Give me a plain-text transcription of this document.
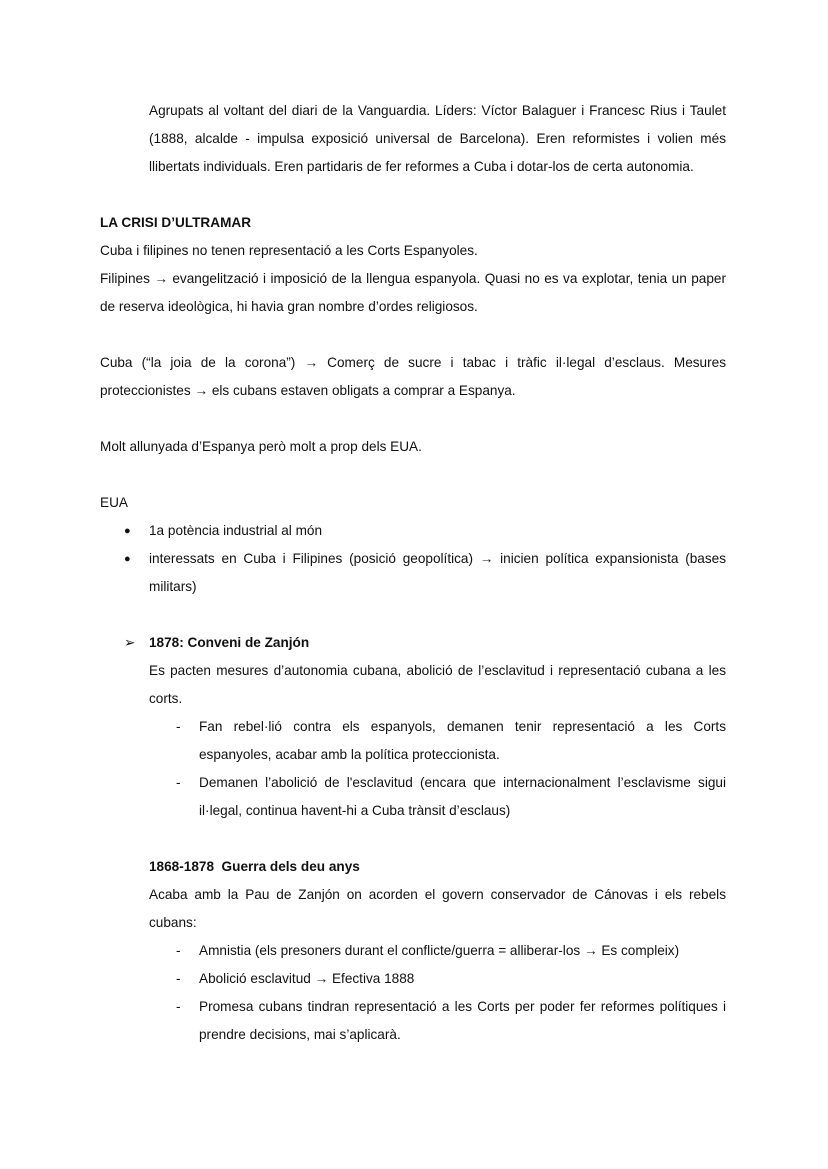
Agrupats al voltant del diari de la Vanguardia. Líders: Víctor Balaguer i Francesc Rius i Taulet

(1888, alcalde - impulsa exposició universal de Barcelona). Eren reformistes i volien més

llibertats individuals. Eren partidaris de fer reformes a Cuba i dotar-los de certa autonomia.

LA CRISI D’ULTRAMAR

Cuba i filipines no tenen representació a les Corts Espanyoles.

Filipines → evangelització i imposició de la llengua espanyola. Quasi no es va explotar, tenia un paper

de reserva ideològica, hi havia gran nombre d’ordes religiosos.

Cuba (“la joia de la corona”) → Comerç de sucre i tabac i tràfic il·legal d’esclaus. Mesures

proteccionistes → els cubans estaven obligats a comprar a Espanya.

Molt allunyada d’Espanya però molt a prop dels EUA.

EUA

● 1a potència industrial al món

● interessats en Cuba i Filipines (posició geopolítica) → inicien política expansionista (bases

militars)

➢ 1878: Conveni de Zanjón

Es pacten mesures d’autonomia cubana, abolició de l’esclavitud i representació cubana a les

corts.

- Fan rebel·lió contra els espanyols, demanen tenir representació a les Corts

espanyoles, acabar amb la política proteccionista.

- Demanen l’abolició de l'esclavitud (encara que internacionalment l’esclavisme sigui

il·legal, continua havent-hi a Cuba trànsit d’esclaus)

1868-1878  Guerra dels deu anys

Acaba amb la Pau de Zanjón on acorden el govern conservador de Cánovas i els rebels

cubans:

- Amnistia (els presoners durant el conflicte/guerra = alliberar-los → Es compleix)

- Abolició esclavitud → Efectiva 1888

- Promesa cubans tindran representació a les Corts per poder fer reformes polítiques i

prendre decisions, mai s’aplicarà.
